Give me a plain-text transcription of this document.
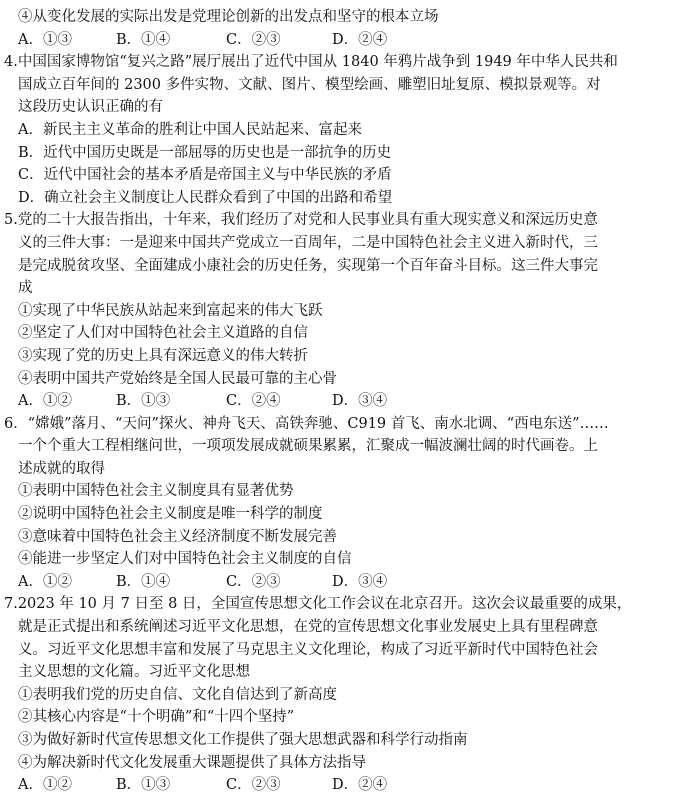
④从变化发展的实际出发是党理论创新的出发点和坚守的根本立场
A．①③	B．①④	C．②③	D．②④
4.中国国家博物馆“复兴之路”展厅展出了近代中国从 1840 年鸦片战争到 1949 年中华人民共和
国成立百年间的 2300 多件实物、文献、图片、模型绘画、雕塑旧址复原、模拟景观等。对
这段历史认识正确的有
A．新民主主义革命的胜利让中国人民站起来、富起来
B．近代中国历史既是一部屈辱的历史也是一部抗争的历史
C．近代中国社会的基本矛盾是帝国主义与中华民族的矛盾
D．确立社会主义制度让人民群众看到了中国的出路和希望
5.党的二十大报告指出，十年来，我们经历了对党和人民事业具有重大现实意义和深远历史意
义的三件大事：一是迎来中国共产党成立一百周年，二是中国特色社会主义进入新时代，三
是完成脱贫攻坚、全面建成小康社会的历史任务，实现第一个百年奋斗目标。这三件大事完
成
①实现了中华民族从站起来到富起来的伟大飞跃
②坚定了人们对中国特色社会主义道路的自信
③实现了党的历史上具有深远意义的伟大转折
④表明中国共产党始终是全国人民最可靠的主心骨
A．①②	B．①③	C．②④	D．③④
6．“嫦娥”落月、“天问”探火、神舟飞天、高铁奔驰、C919 首飞、南水北调、“西电东送”……
一个个重大工程相继问世，一项项发展成就硕果累累，汇聚成一幅波澜壮阔的时代画卷。上
述成就的取得
①表明中国特色社会主义制度具有显著优势
②说明中国特色社会主义制度是唯一科学的制度
③意味着中国特色社会主义经济制度不断发展完善
④能进一步坚定人们对中国特色社会主义制度的自信
A．①②	B．①④	C．②③	D．③④
7.2023 年 10 月 7 日至 8 日，全国宣传思想文化工作会议在北京召开。这次会议最重要的成果，
就是正式提出和系统阐述习近平文化思想，在党的宣传思想文化事业发展史上具有里程碑意
义。习近平文化思想丰富和发展了马克思主义文化理论，构成了习近平新时代中国特色社会
主义思想的文化篇。习近平文化思想
①表明我们党的历史自信、文化自信达到了新高度
②其核心内容是“十个明确”和“十四个坚持”
③为做好新时代宣传思想文化工作提供了强大思想武器和科学行动指南
④为解决新时代文化发展重大课题提供了具体方法指导
A．①②	B．①③	C．②③	D．②④
